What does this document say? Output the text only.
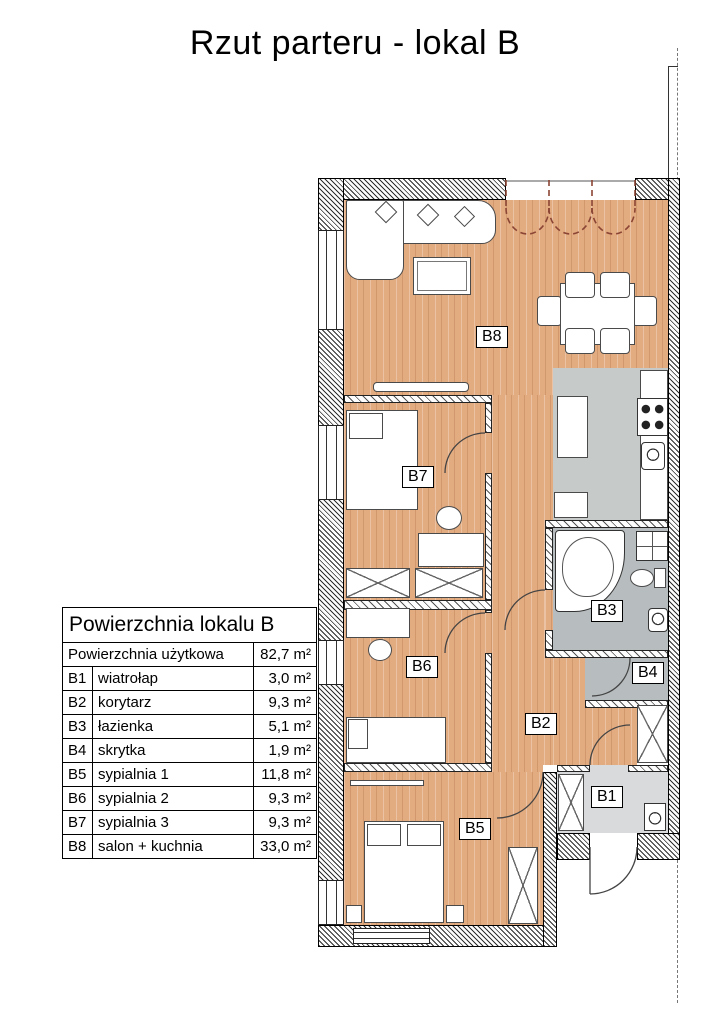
Rzut parteru - lokal B
B8
B7
B6
B5
B2
B3
B4
B1
Powierzchnia lokalu B		
Powierzchnia użytkowa		82,7 m²
B1	wiatrołap	3,0 m²
B2	korytarz	9,3 m²
B3	łazienka	5,1 m²
B4	skrytka	1,9 m²
B5	sypialnia 1	11,8 m²
B6	sypialnia 2	9,3 m²
B7	sypialnia 3	9,3 m²
B8	salon + kuchnia	33,0 m²
